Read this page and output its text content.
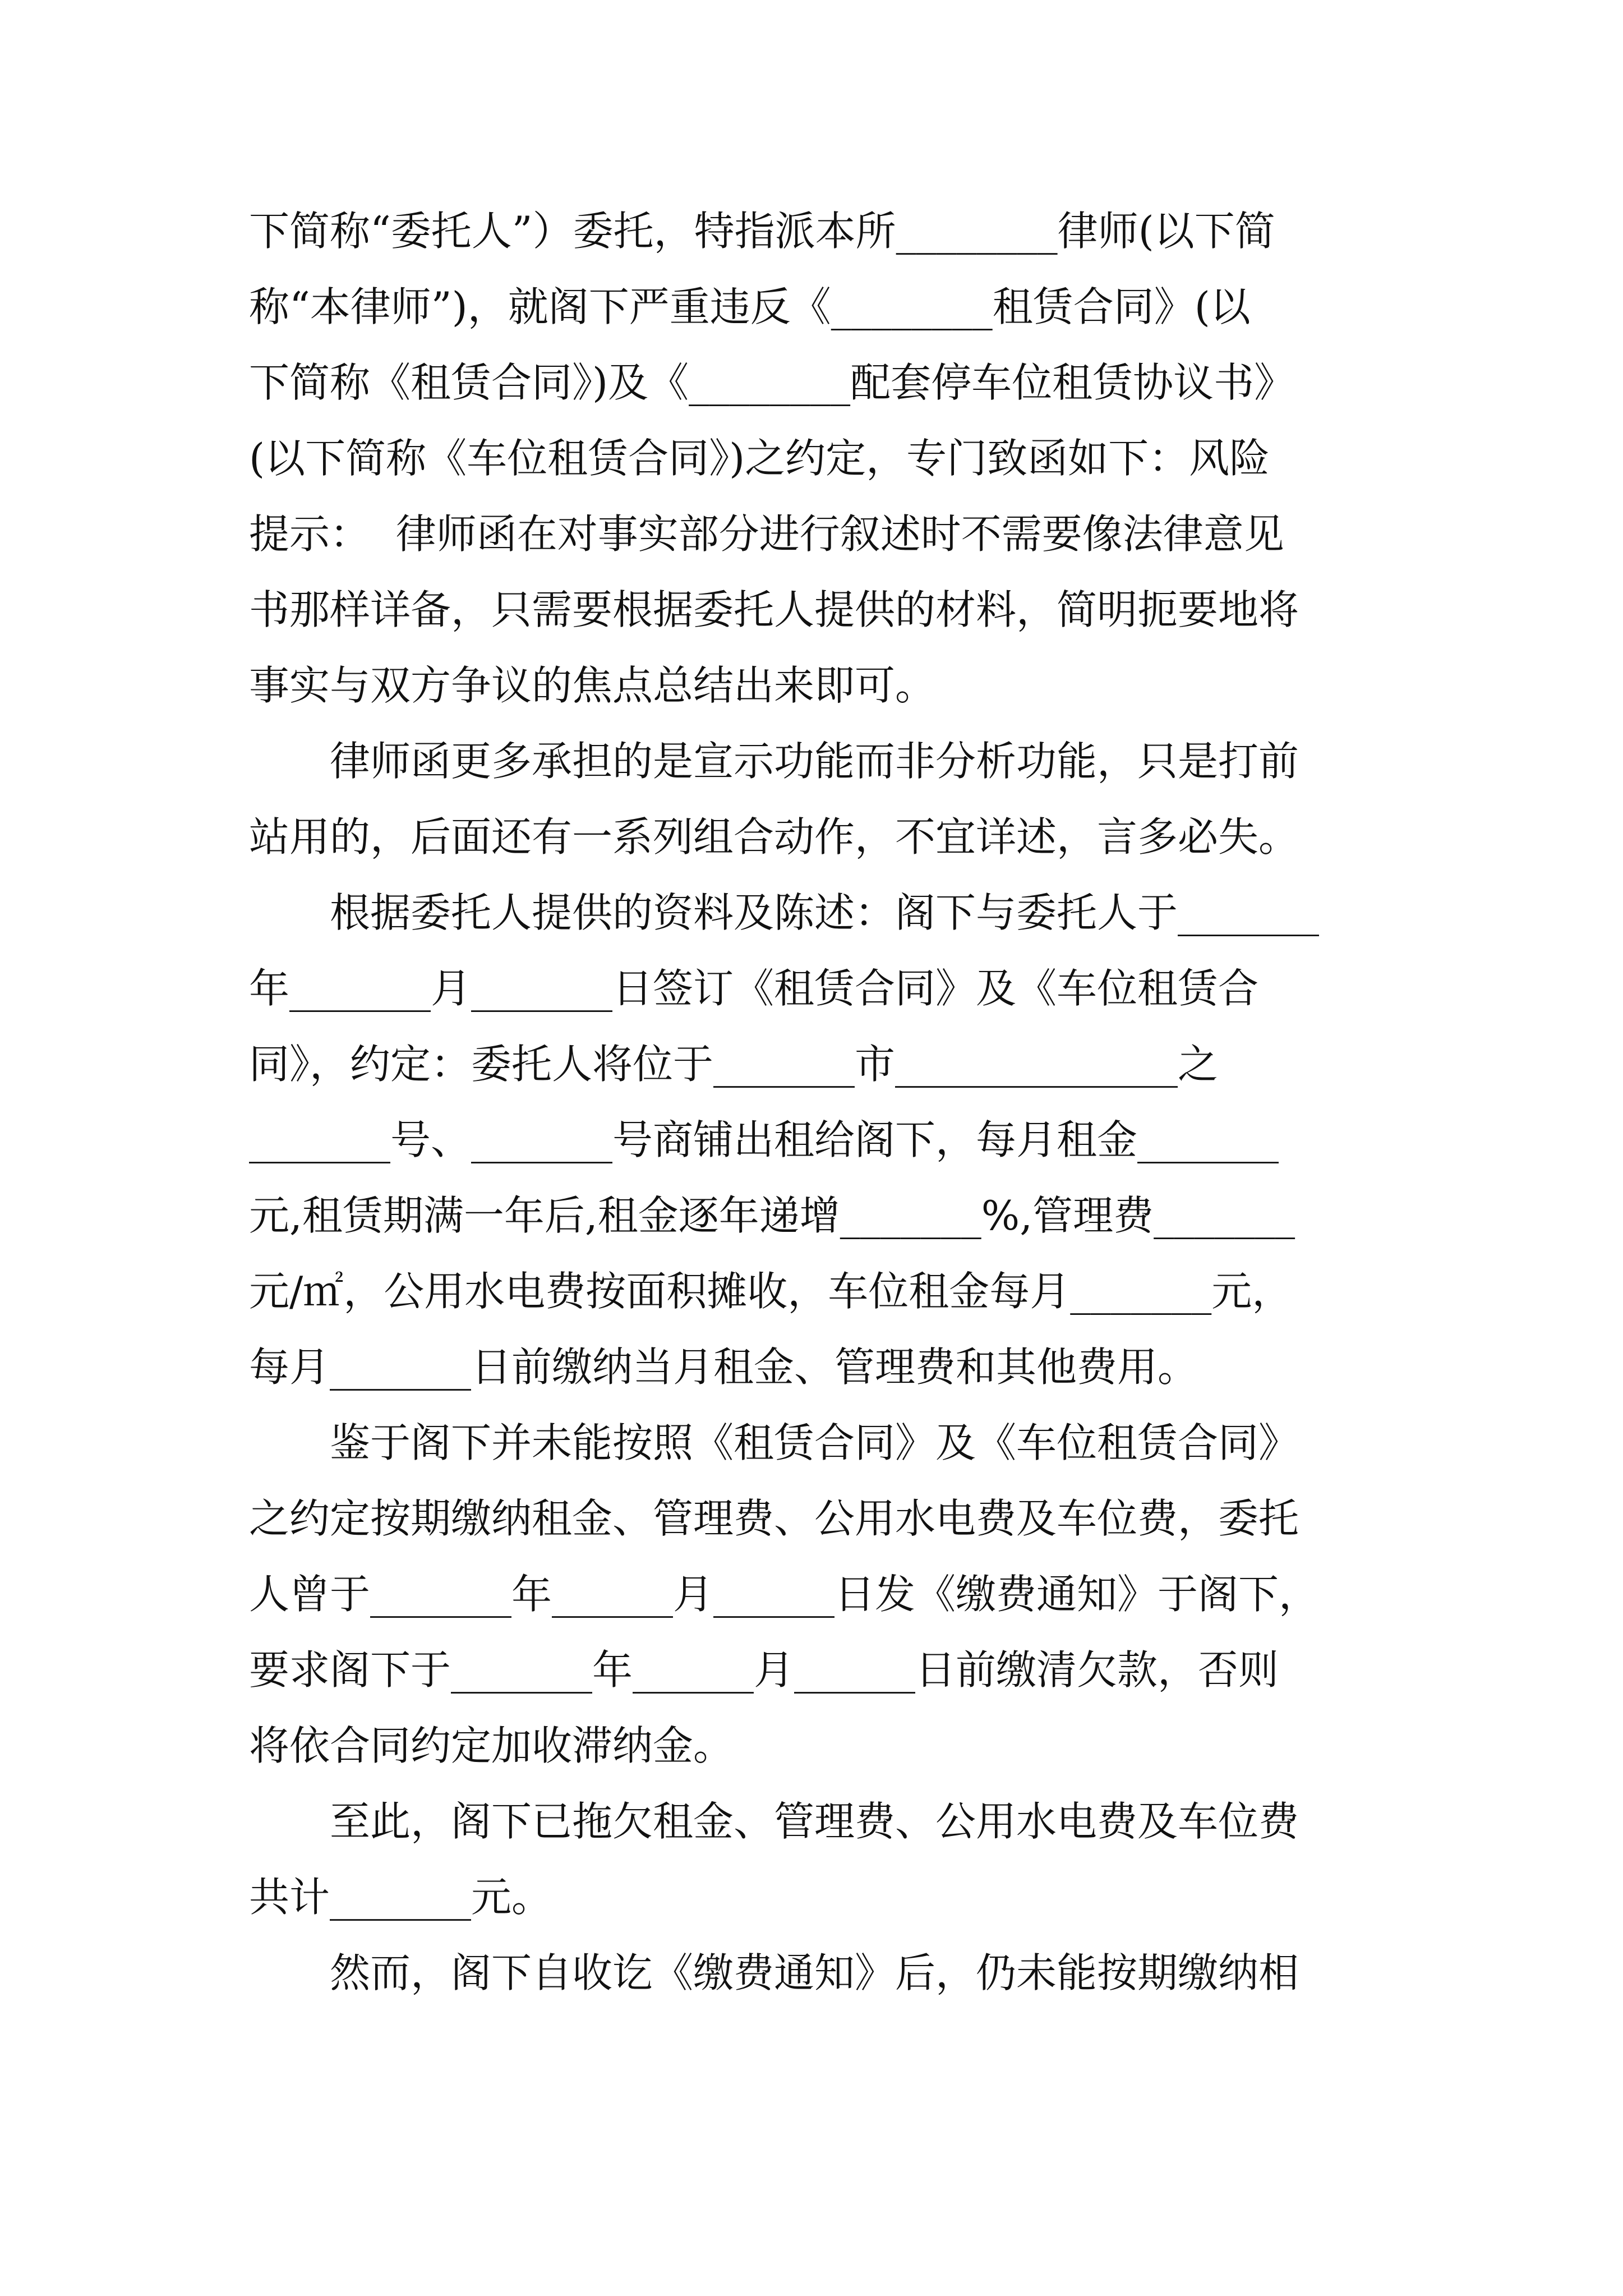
下简称“委托人”）委托，特指派本所________律师(以下简
称“本律师”)，就阁下严重违反《________租赁合同》(以
下简称《租赁合同》)及《________配套停车位租赁协议书》
(以下简称《车位租赁合同》)之约定，专门致函如下：风险
提示：  律师函在对事实部分进行叙述时不需要像法律意见
书那样详备，只需要根据委托人提供的材料，简明扼要地将
事实与双方争议的焦点总结出来即可。
律师函更多承担的是宣示功能而非分析功能，只是打前
站用的，后面还有一系列组合动作，不宜详述，言多必失。
根据委托人提供的资料及陈述：阁下与委托人于_______
年_______月_______日签订《租赁合同》及《车位租赁合
同》，约定：委托人将位于_______市______________之
_______号、_______号商铺出租给阁下，每月租金_______
元,租赁期满一年后,租金逐年递增_______%,管理费_______
元/㎡，公用水电费按面积摊收，车位租金每月_______元，
每月_______日前缴纳当月租金、管理费和其他费用。
鉴于阁下并未能按照《租赁合同》及《车位租赁合同》
之约定按期缴纳租金、管理费、公用水电费及车位费，委托
人曾于_______年______月______日发《缴费通知》于阁下，
要求阁下于_______年______月______日前缴清欠款，否则
将依合同约定加收滞纳金。
至此，阁下已拖欠租金、管理费、公用水电费及车位费
共计_______元。
然而，阁下自收讫《缴费通知》后，仍未能按期缴纳相
